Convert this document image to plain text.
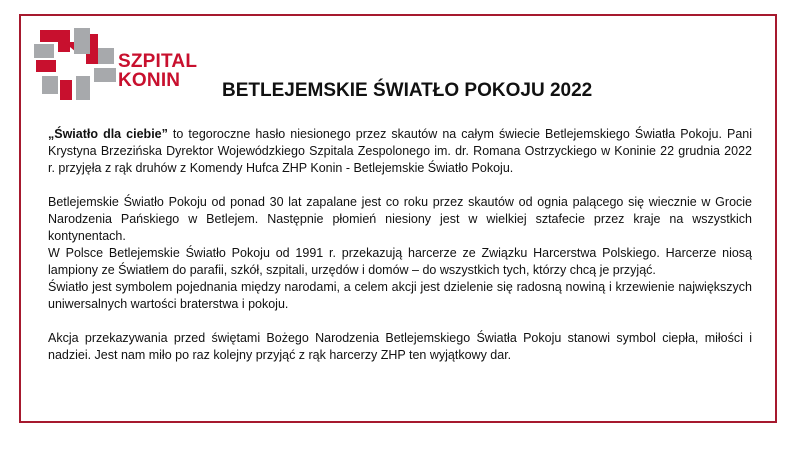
SZPITAL
KONIN	BETLEJEMSKIE ŚWIATŁO POKOJU 2022

„Światło dla ciebie” to tegoroczne hasło niesionego przez skautów na całym świecie Betlejemskiego Światła Pokoju. Pani Krystyna Brzezińska Dyrektor Wojewódzkiego Szpitala Zespolonego im. dr. Romana Ostrzyckiego w Koninie 22 grudnia 2022 r. przyjęła z rąk druhów z Komendy Hufca ZHP Konin - Betlejemskie Światło Pokoju.

Betlejemskie Światło Pokoju od ponad 30 lat zapalane jest co roku przez skautów od ognia palącego się wiecznie w Grocie Narodzenia Pańskiego w Betlejem. Następnie płomień niesiony jest w wielkiej sztafecie przez kraje na wszystkich kontynentach.

W Polsce Betlejemskie Światło Pokoju od 1991 r. przekazują harcerze ze Związku Harcerstwa Polskiego. Harcerze niosą lampiony ze Światłem do parafii, szkół, szpitali, urzędów i domów – do wszystkich tych, którzy chcą je przyjąć.

Światło jest symbolem pojednania między narodami, a celem akcji jest dzielenie się radosną nowiną i krzewienie największych uniwersalnych wartości braterstwa i pokoju.

Akcja przekazywania przed świętami Bożego Narodzenia Betlejemskiego Światła Pokoju stanowi symbol ciepła, miłości i nadziei. Jest nam miło po raz kolejny przyjąć z rąk harcerzy ZHP ten wyjątkowy dar.
